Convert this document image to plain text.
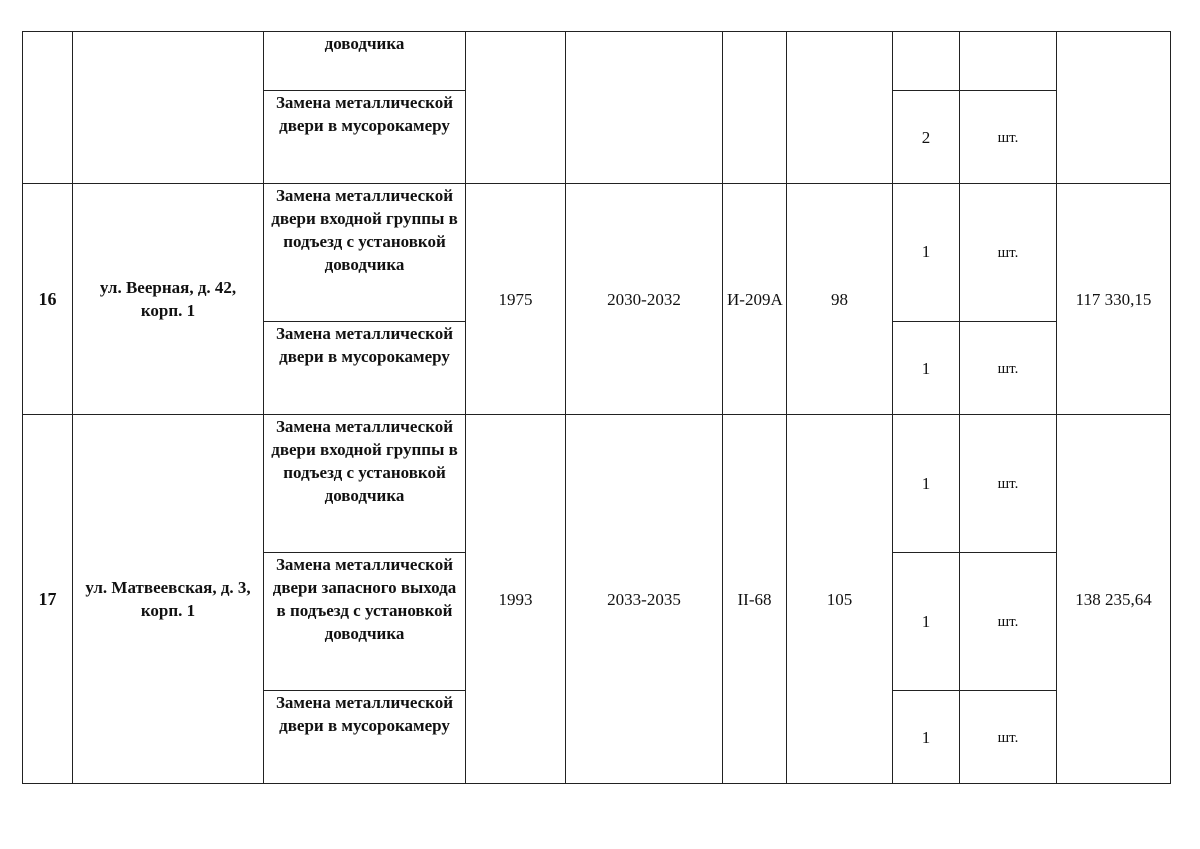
		доводчика							
		Замена металлической двери в мусорокамеру					2	шт.	
16	ул. Веерная, д. 42, корп. 1	Замена металлической двери входной группы в подъезд с установкой доводчика	1975	2030-2032	И-209А	98	1	шт.	117 330,15
		Замена металлической двери в мусорокамеру					1	шт.	
17	ул. Матвеевская, д. 3, корп. 1	Замена металлической двери входной группы в подъезд с установкой доводчика	1993	2033-2035	II-68	105	1	шт.	138 235,64
		Замена металлической двери запасного выхода в подъезд с установкой доводчика					1	шт.	
		Замена металлической двери в мусорокамеру					1	шт.	
